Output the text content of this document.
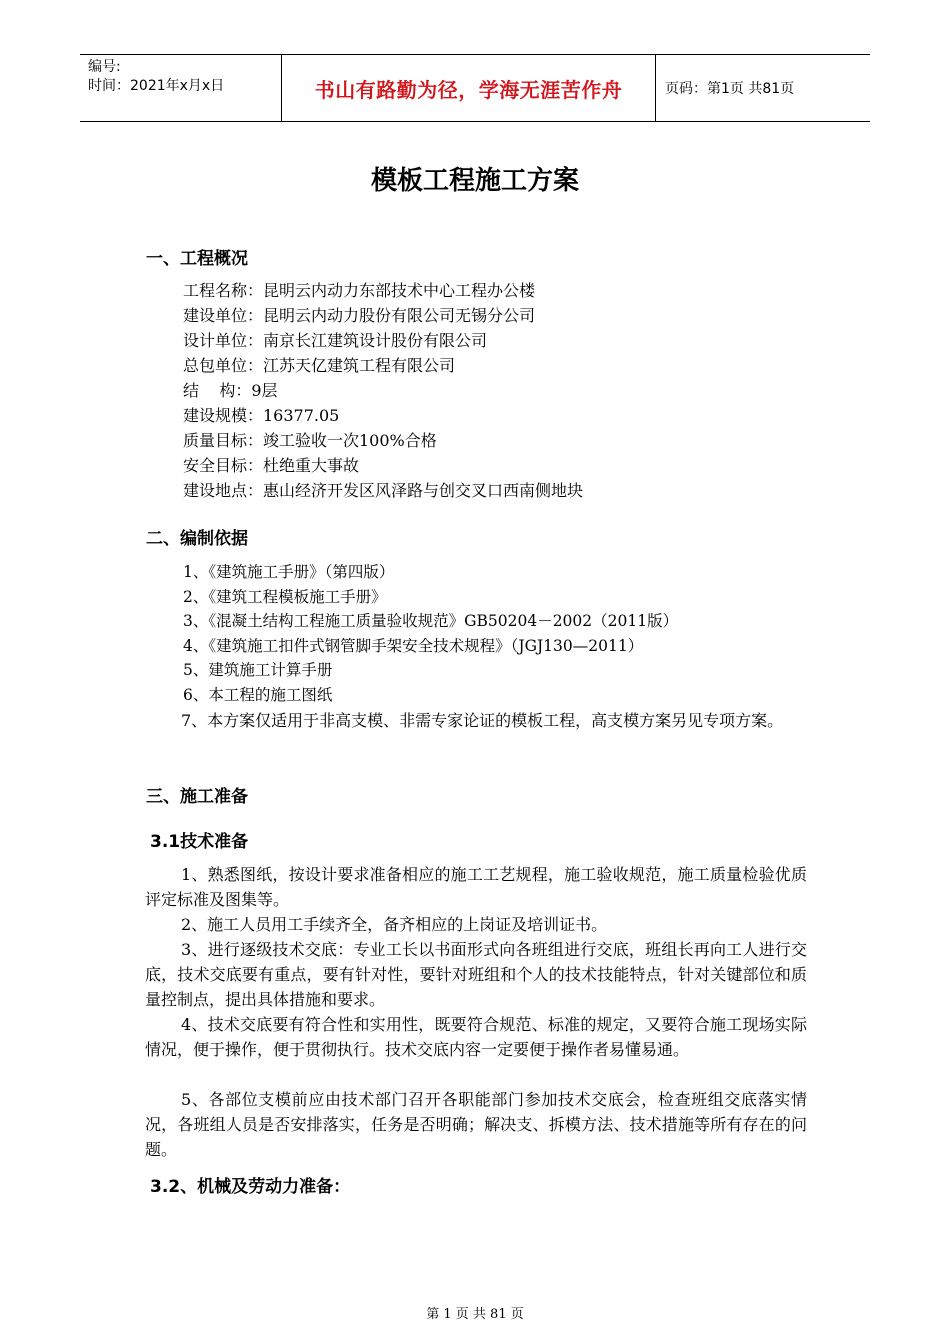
编号:
时间：2021年x月x日	书山有路勤为径，学海无涯苦作舟	页码：第1页 共81页
模板工程施工方案
一、工程概况
工程名称：昆明云内动力东部技术中心工程办公楼
建设单位：昆明云内动力股份有限公司无锡分公司
设计单位：南京长江建筑设计股份有限公司
总包单位：江苏天亿建筑工程有限公司
结    构：9层
建设规模：16377.05
质量目标：竣工验收一次100%合格
安全目标：杜绝重大事故
建设地点：惠山经济开发区风泽路与创交叉口西南侧地块
二、编制依据
1、《建筑施工手册》（第四版）
2、《建筑工程模板施工手册》
3、《混凝土结构工程施工质量验收规范》GB50204－2002（2011版）
4、《建筑施工扣件式钢管脚手架安全技术规程》（JGJ130—2011）
5、建筑施工计算手册
6、本工程的施工图纸
7、本方案仅适用于非高支模、非需专家论证的模板工程，高支模方案另见专项方案。
三、施工准备
3.1技术准备
1、熟悉图纸，按设计要求准备相应的施工工艺规程，施工验收规范，施工质量检验优质评定标准及图集等。
2、施工人员用工手续齐全，备齐相应的上岗证及培训证书。
3、进行逐级技术交底：专业工长以书面形式向各班组进行交底，班组长再向工人进行交底，技术交底要有重点，要有针对性，要针对班组和个人的技术技能特点，针对关键部位和质量控制点，提出具体措施和要求。
4、技术交底要有符合性和实用性，既要符合规范、标准的规定，又要符合施工现场实际情况，便于操作，便于贯彻执行。技术交底内容一定要便于操作者易懂易通。
5、各部位支模前应由技术部门召开各职能部门参加技术交底会，检查班组交底落实情况，各班组人员是否安排落实，任务是否明确；解决支、拆模方法、技术措施等所有存在的问题。
3.2、机械及劳动力准备：
第 1 页 共 81 页
